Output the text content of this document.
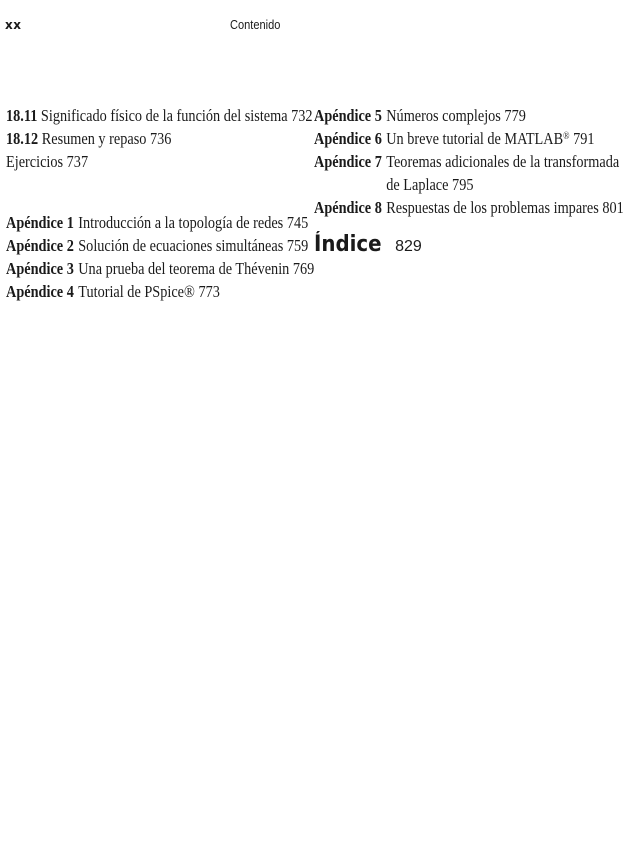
xx	Contenido
18.11 Significado físico de la función del sistema 732
18.12 Resumen y repaso 736
Ejercicios 737
Apéndice 1 Introducción a la topología de redes 745
Apéndice 2 Solución de ecuaciones simultáneas 759
Apéndice 3 Una prueba del teorema de Thévenin 769
Apéndice 4 Tutorial de PSpice® 773
Apéndice 5 Números complejos 779
Apéndice 6 Un breve tutorial de MATLAB® 791
Apéndice 7 Teoremas adicionales de la transformada
de Laplace 795
Apéndice 8 Respuestas de los problemas impares 801
Índice 829
